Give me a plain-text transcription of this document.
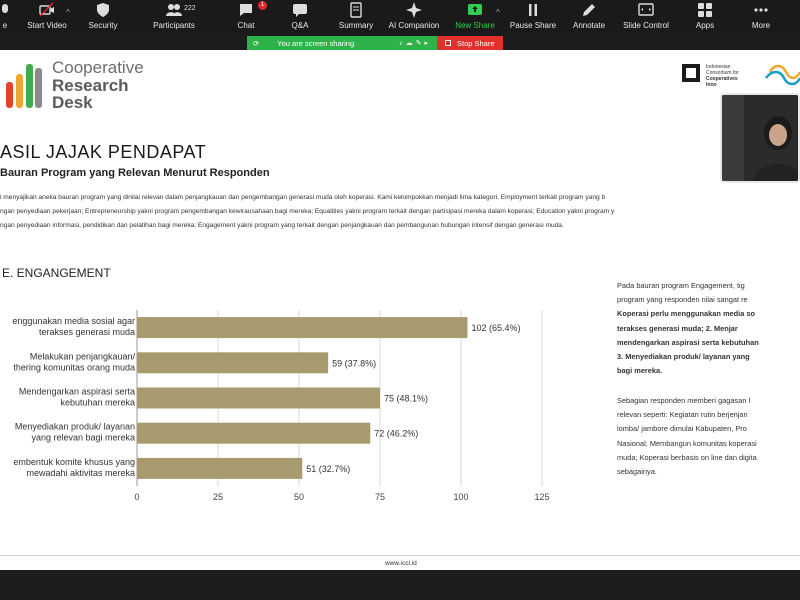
e	Start Video
^
Security	Participants
222
Chat
1
Q&A	Summary AI Companion New Share
^
Pause Share Annotate Slide Control	Apps	More
⟳ You are screen sharing	♪☁✎▸	Stop Share
Cooperative
Research
Desk
Indonesian
Consortium for
Cooperatives
Inno
ASIL JAJAK PENDAPAT
Bauran Program yang Relevan Menurut Responden
i menyajikan aneka bauran program yang dinilai relevan dalam penjangkauan dan pengembangan generasi muda oleh koperasi. Kami kelompokkan menjadi lima kategori: Employment terkait program yang b
ngan penyediaan pekerjaan; Entrepreneurship yakni program pengembangan kewirausahaan bagi mereka; Equalities yakni program terkait dengan partisipasi mereka dalam koperasi; Education yakni program y
ngan penyediaan informasi, pendidikan dan pelatihan bagi mereka; Engagement yakni program yang terkait dengan penjangkauan dan pembangunan hubungan intensif dengan generasi muda.
E. ENGANGEMENT
0	25	50	75	100	125
102 (65.4%)
enggunakan media sosial agar
terakses generasi muda
59 (37.8%)
Melakukan penjangkauan/
thering komunitas orang muda
75 (48.1%)
Mendengarkan aspirasi serta
kebutuhan mereka
72 (46.2%)
Menyediakan produk/ layanan
yang relevan bagi mereka
51 (32.7%)
embentuk komite khusus yang
mewadahi aktivitas mereka
www.iccl.id
Pada bauran program Engagement, tig
program yang responden nilai sangat re
Koperasi perlu menggunakan media so
terakses generasi muda; 2. Menjar
mendengarkan aspirasi serta kebutuhan
3. Menyediakan produk/ layanan yang
bagi mereka.
Sebagian responden memberi gagasan l
relevan seperti: Kegiatan rutin berjenjan
lomba/ jambore dimulai Kabupaten, Pro
Nasional; Membangun komunitas koperasi
muda; Koperasi berbasis on line dan digita
sebagainya.
